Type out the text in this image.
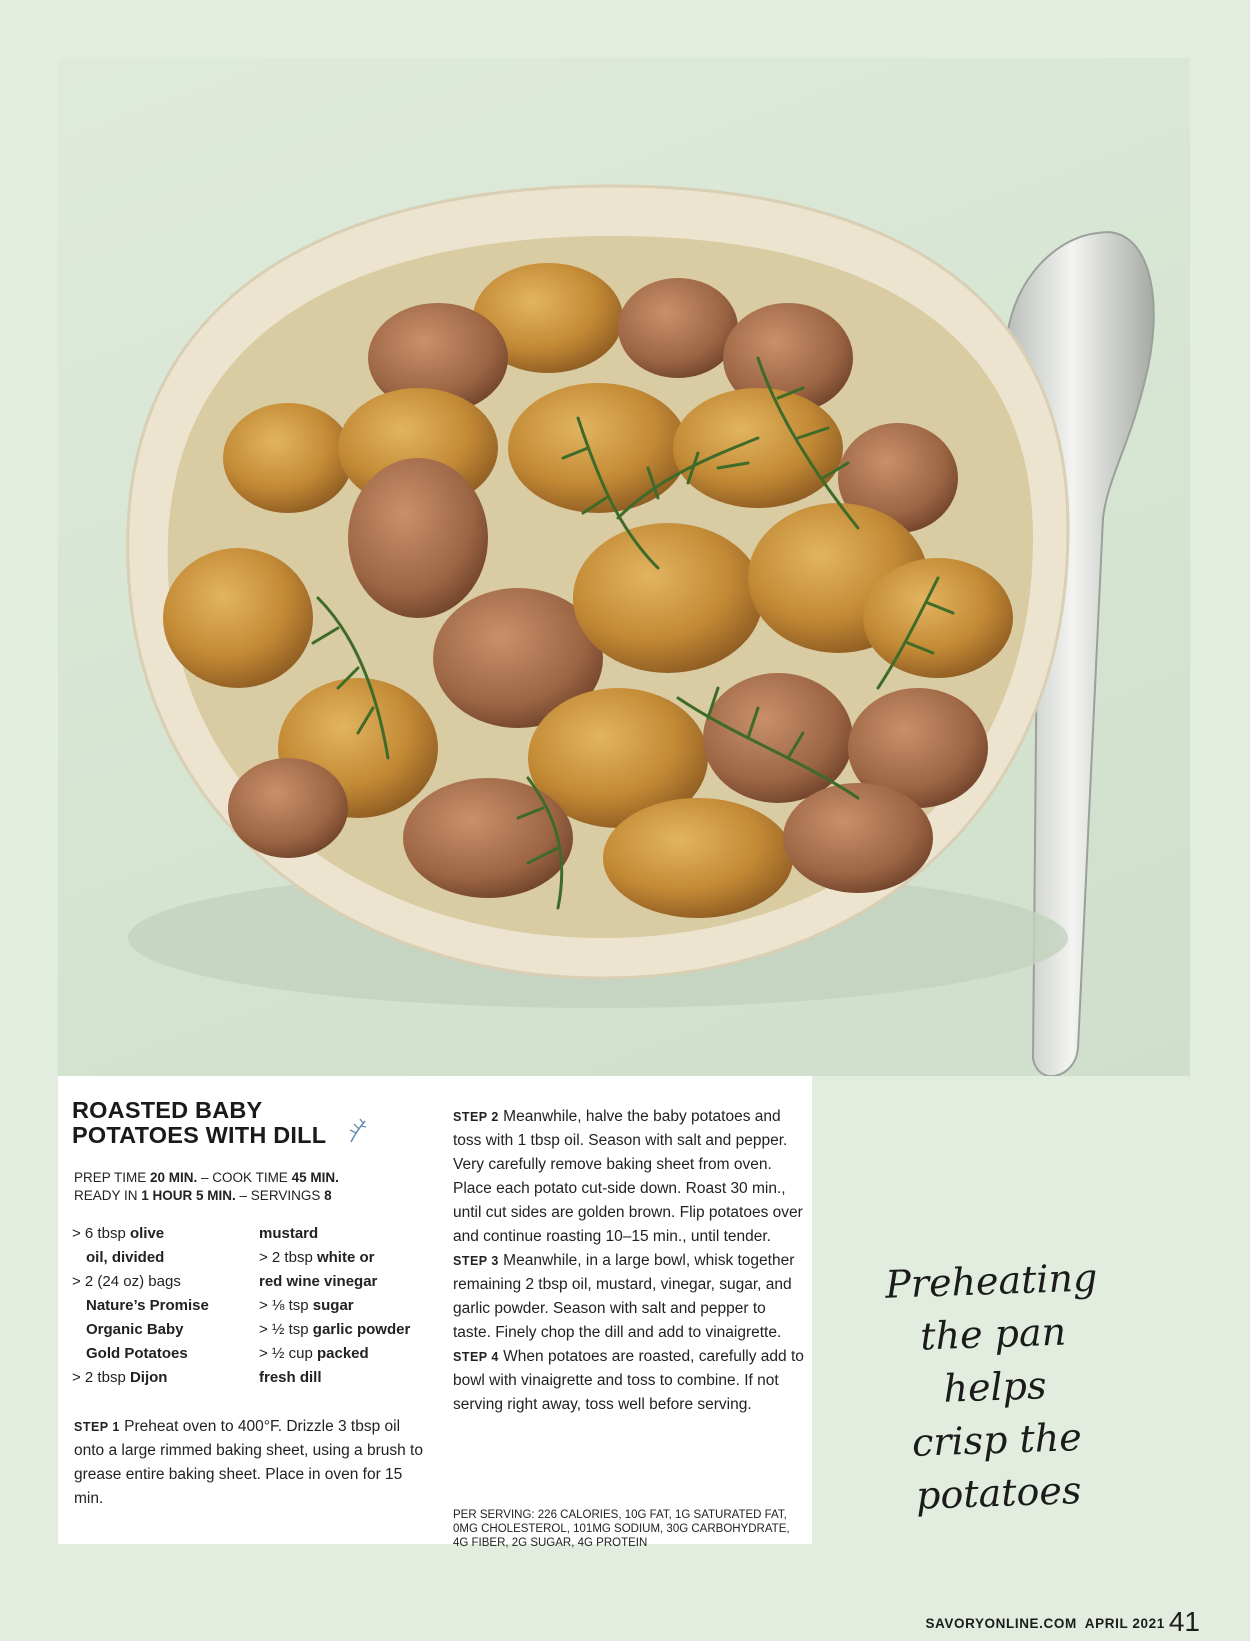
ROASTED BABY
POTATOES WITH DILL
PREP TIME 20 MIN. – COOK TIME 45 MIN.
READY IN 1 HOUR 5 MIN. – SERVINGS 8
> 6 tbsp olive
oil, divided
> 2 (24 oz) bags
Nature’s Promise
Organic Baby
Gold Potatoes
> 2 tbsp Dijon
mustard
> 2 tbsp white or
red wine vinegar
> ⅛ tsp sugar
> ½ tsp garlic powder
> ½ cup packed
fresh dill

STEP 1 Preheat oven to 400°F. Drizzle 3 tbsp oil onto a large rimmed baking sheet, using a brush to grease entire baking sheet. Place in oven for 15 min.

STEP 2 Meanwhile, halve the baby potatoes and toss with 1 tbsp oil. Season with salt and pepper. Very carefully remove baking sheet from oven. Place each potato cut-side down. Roast 30 min., until cut sides are golden brown. Flip potatoes over and continue roasting 10–15 min., until tender.

STEP 3 Meanwhile, in a large bowl, whisk together remaining 2 tbsp oil, mustard, vinegar, sugar, and garlic powder. Season with salt and pepper to taste. Finely chop the dill and add to vinaigrette.

STEP 4 When potatoes are roasted, carefully add to bowl with vinaigrette and toss to combine. If not serving right away, toss well before serving.

PER SERVING: 226 CALORIES, 10G FAT, 1G SATURATED FAT, 0MG CHOLESTEROL, 101MG SODIUM, 30G CARBOHYDRATE, 4G FIBER, 2G SUGAR, 4G PROTEIN
Preheating
the pan helps
crisp the
potatoes
SAVORYONLINE.COM APRIL 2021 41
